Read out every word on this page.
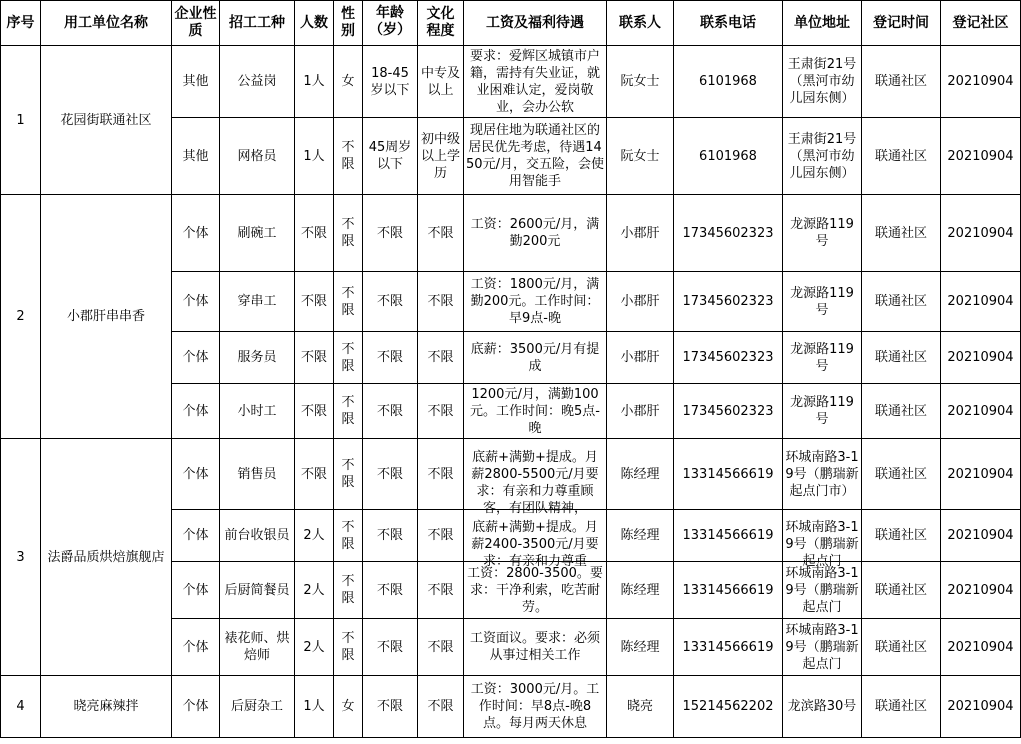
序号	用工单位名称	企业性质	招工工种	人数	性别	年龄（岁）	文化程度	工资及福利待遇	联系人	联系电话	单位地址	登记时间	登记社区
1	花园街联通社区	其他	公益岗	1人	女	18-45岁以下	中专及以上	要求：爱辉区城镇市户籍，需持有失业证，就业困难认定，爱岗敬业，会办公软	阮女士	6101968	王肃街21号（黑河市幼儿园东侧）	联通社区	20210904

		其他	网格员	1人	不限	45周岁以下	初中级以上学历	现居住地为联通社区的居民优先考虑，待遇1450元/月，交五险，会使用智能手	阮女士	6101968	王肃街21号（黑河市幼儿园东侧）	联通社区	20210904

2	小郡肝串串香	个体	刷碗工	不限	不限	不限	不限	工资：2600元/月，满勤200元	小郡肝	17345602323	龙源路119号	联通社区	20210904

		个体	穿串工	不限	不限	不限	不限	工资：1800元/月，满勤200元。工作时间：早9点-晚	小郡肝	17345602323	龙源路119号	联通社区	20210904

		个体	服务员	不限	不限	不限	不限	底薪：3500元/月有提成	小郡肝	17345602323	龙源路119号	联通社区	20210904

		个体	小时工	不限	不限	不限	不限	1200元/月，满勤100元。工作时间：晚5点-晚	小郡肝	17345602323	龙源路119号	联通社区	20210904

3	法爵品质烘焙旗舰店	个体	销售员	不限	不限	不限	不限	底薪+满勤+提成。月薪2800-5500元/月要求：有亲和力尊重顾客，有团队精神，	陈经理	13314566619	环城南路3-19号（鹏瑞新起点门市）	联通社区	20210904

		个体	前台收银员	2人	不限	不限	不限	底薪+满勤+提成。月薪2400-3500元/月要求：有亲和力尊重	陈经理	13314566619	环城南路3-19号（鹏瑞新起点门	联通社区	20210904

		个体	后厨简餐员	2人	不限	不限	不限	工资：2800-3500。要求：干净利索，吃苦耐劳。	陈经理	13314566619	环城南路3-19号（鹏瑞新起点门	联通社区	20210904

		个体	裱花师、烘焙师	2人	不限	不限	不限	工资面议。要求：必须从事过相关工作	陈经理	13314566619	环城南路3-19号（鹏瑞新起点门	联通社区	20210904

4	晓亮麻辣拌	个体	后厨杂工	1人	女	不限	不限	工资：3000元/月。工作时间：早8点-晚8点。每月两天休息	晓亮	15214562202	龙滨路30号	联通社区	20210904
